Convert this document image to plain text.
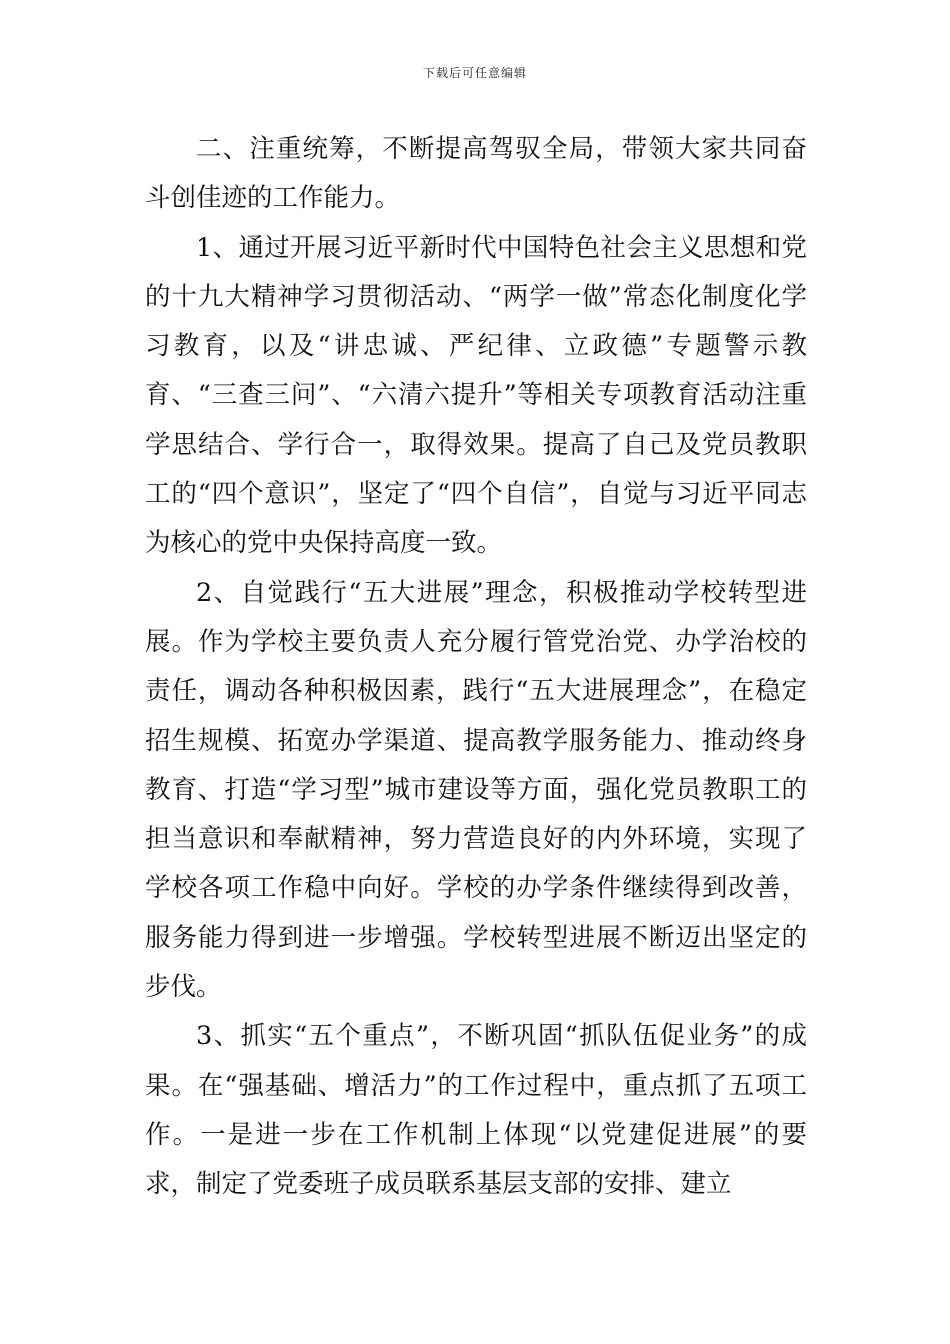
下载后可任意编辑

二、注重统筹，不断提高驾驭全局，带领大家共同奋斗创佳迹的工作能力。

1、通过开展习近平新时代中国特色社会主义思想和党的十九大精神学习贯彻活动、“两学一做”常态化制度化学习教育，以及“讲忠诚、严纪律、立政德”专题警示教育、“三查三问”、“六清六提升”等相关专项教育活动注重学思结合、学行合一，取得效果。提高了自己及党员教职工的“四个意识”，坚定了“四个自信”，自觉与习近平同志为核心的党中央保持高度一致。

2、自觉践行“五大进展”理念，积极推动学校转型进展。作为学校主要负责人充分履行管党治党、办学治校的责任，调动各种积极因素，践行“五大进展理念”，在稳定招生规模、拓宽办学渠道、提高教学服务能力、推动终身教育、打造“学习型”城市建设等方面，强化党员教职工的担当意识和奉献精神，努力营造良好的内外环境，实现了学校各项工作稳中向好。学校的办学条件继续得到改善，服务能力得到进一步增强。学校转型进展不断迈出坚定的步伐。

3、抓实“五个重点”，不断巩固“抓队伍促业务”的成果。在“强基础、增活力”的工作过程中，重点抓了五项工作。一是进一步在工作机制上体现“以党建促进展”的要求，制定了党委班子成员联系基层支部的安排、建立
